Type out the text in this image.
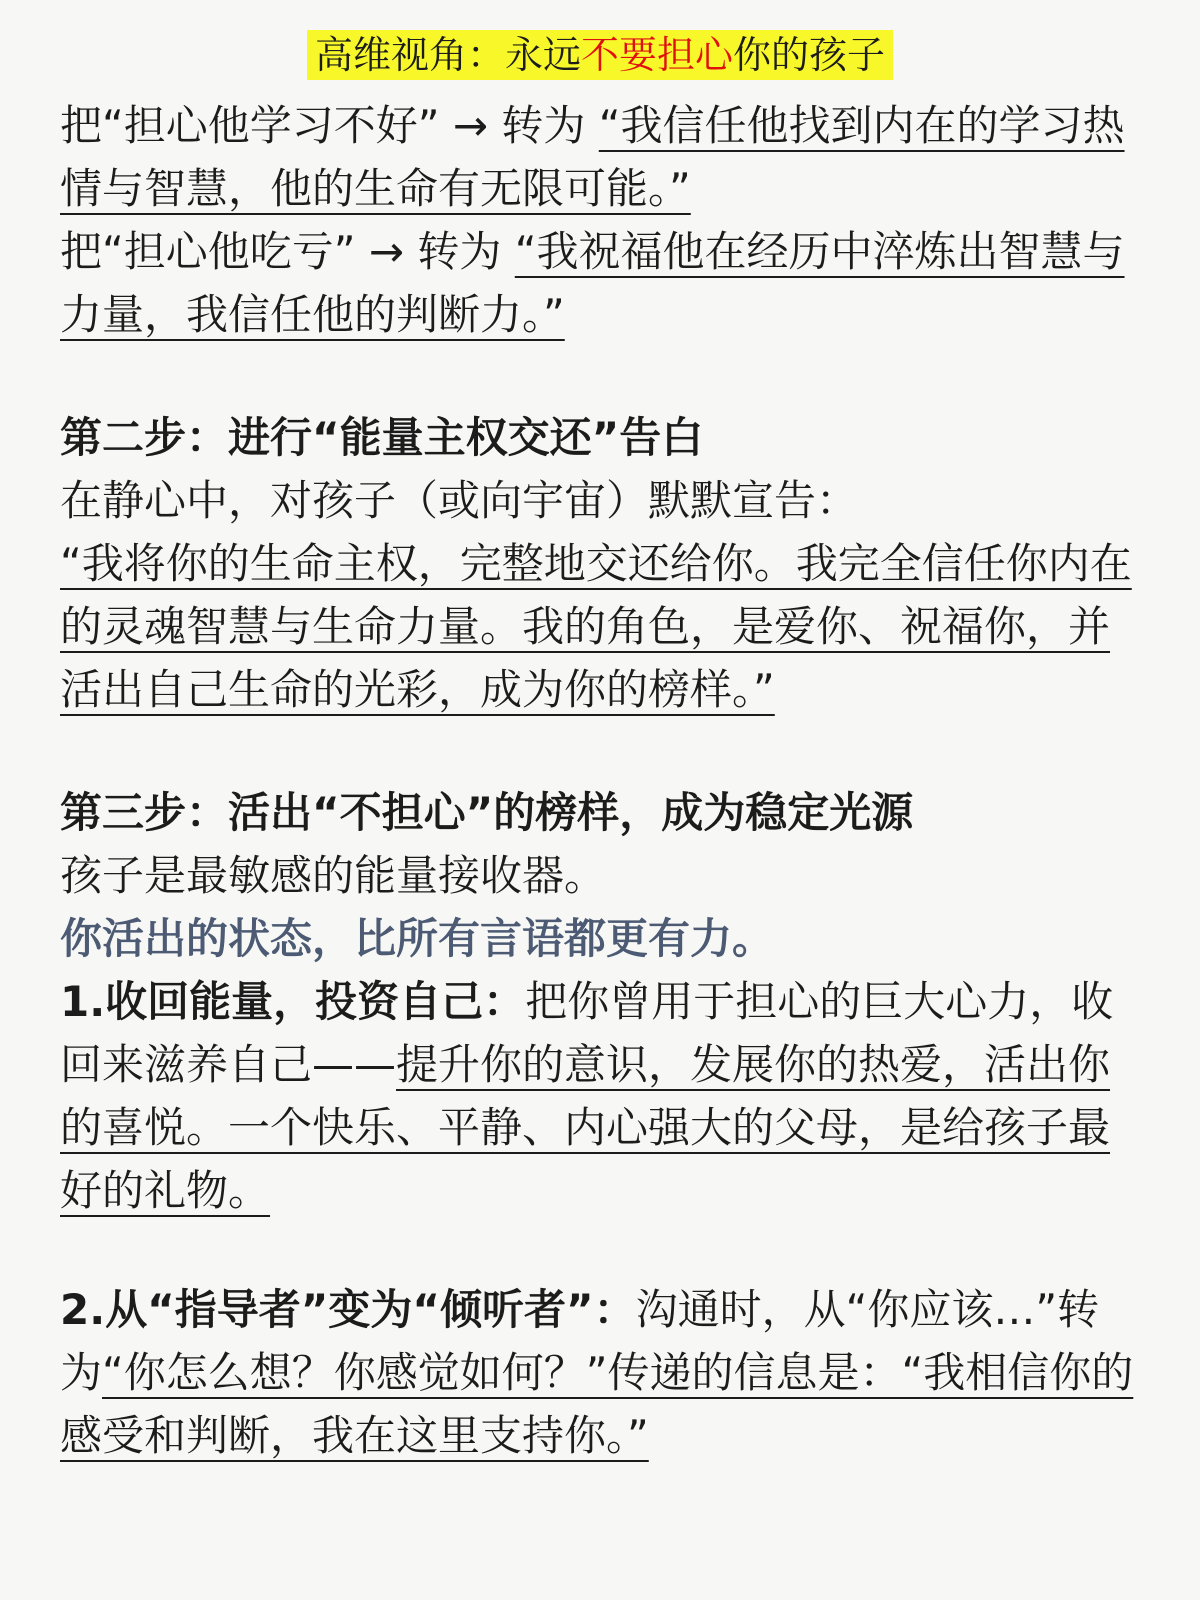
高维视角：永远不要担心你的孩子

把“担心他学习不好” → 转为 “我信任他找到内在的学习热情与智慧，他的生命有无限可能。”

把“担心他吃亏” → 转为 “我祝福他在经历中淬炼出智慧与力量，我信任他的判断力。”

第二步：进行“能量主权交还”告白

在静心中，对孩子（或向宇宙）默默宣告：

“我将你的生命主权，完整地交还给你。我完全信任你内在的灵魂智慧与生命力量。我的角色，是爱你、祝福你，并活出自己生命的光彩，成为你的榜样。”

第三步：活出“不担心”的榜样，成为稳定光源

孩子是最敏感的能量接收器。

你活出的状态，比所有言语都更有力。

1.收回能量，投资自己：把你曾用于担心的巨大心力，收回来滋养自己——提升你的意识，发展你的热爱，活出你的喜悦。一个快乐、平静、内心强大的父母，是给孩子最好的礼物。

2.从“指导者”变为“倾听者”：沟通时，从“你应该…”转为“你怎么想？你感觉如何？”传递的信息是：“我相信你的感受和判断，我在这里支持你。”
